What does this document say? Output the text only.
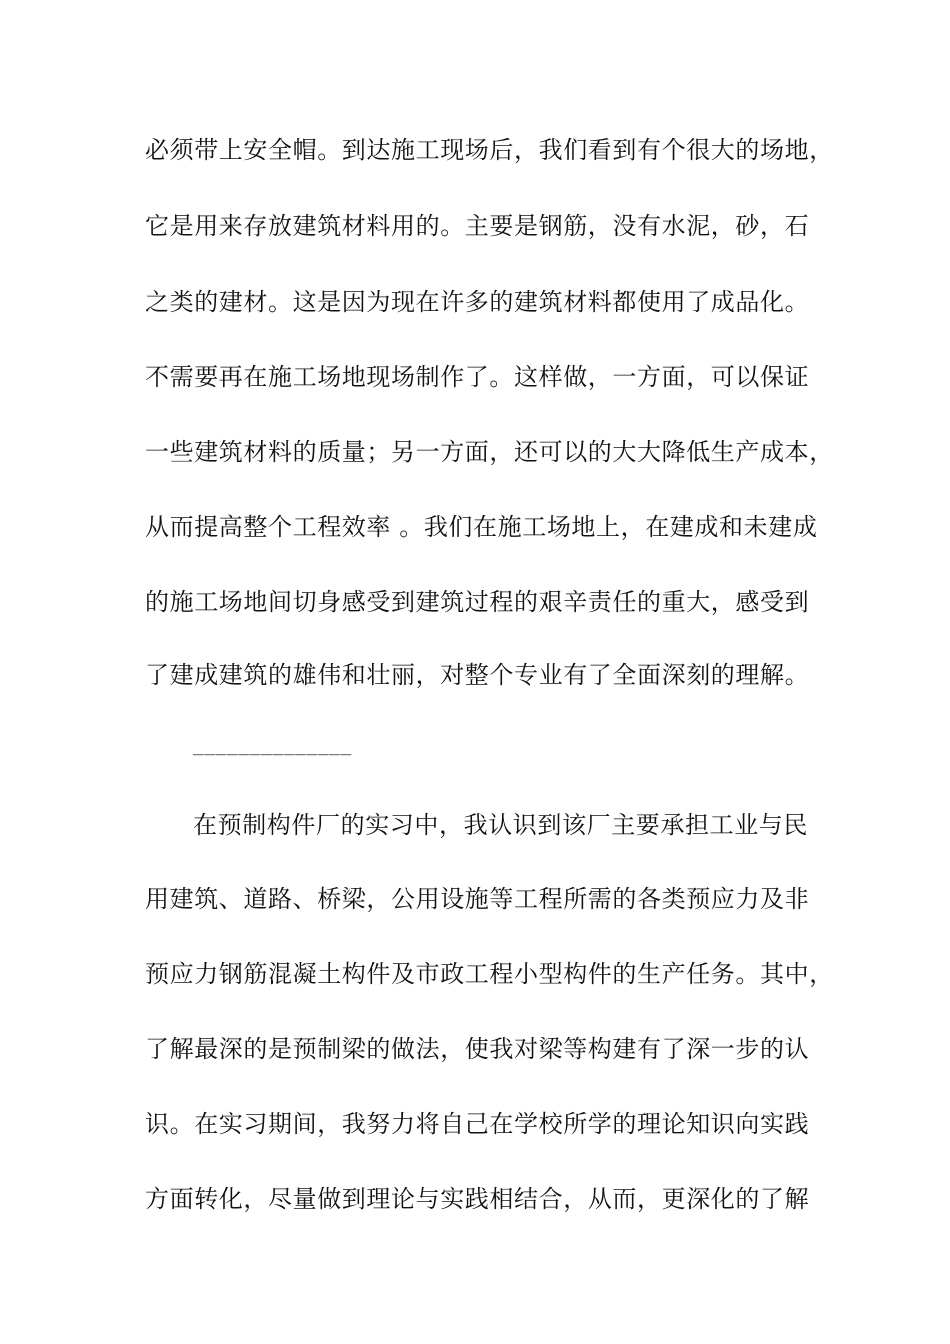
必须带上安全帽。到达施工现场后，我们看到有个很大的场地，
它是用来存放建筑材料用的。主要是钢筋，没有水泥，砂，石
之类的建材。这是因为现在许多的建筑材料都使用了成品化。
不需要再在施工场地现场制作了。这样做，一方面，可以保证
一些建筑材料的质量；另一方面，还可以的大大降低生产成本，
从而提高整个工程效率 。我们在施工场地上，在建成和未建成
的施工场地间切身感受到建筑过程的艰辛责任的重大，感受到
了建成建筑的雄伟和壮丽，对整个专业有了全面深刻的理解。
______________
在预制构件厂的实习中，我认识到该厂主要承担工业与民
用建筑、道路、桥梁，公用设施等工程所需的各类预应力及非
预应力钢筋混凝土构件及市政工程小型构件的生产任务。其中，
了解最深的是预制梁的做法，使我对梁等构建有了深一步的认
识。在实习期间，我努力将自己在学校所学的理论知识向实践
方面转化，尽量做到理论与实践相结合，从而，更深化的了解
